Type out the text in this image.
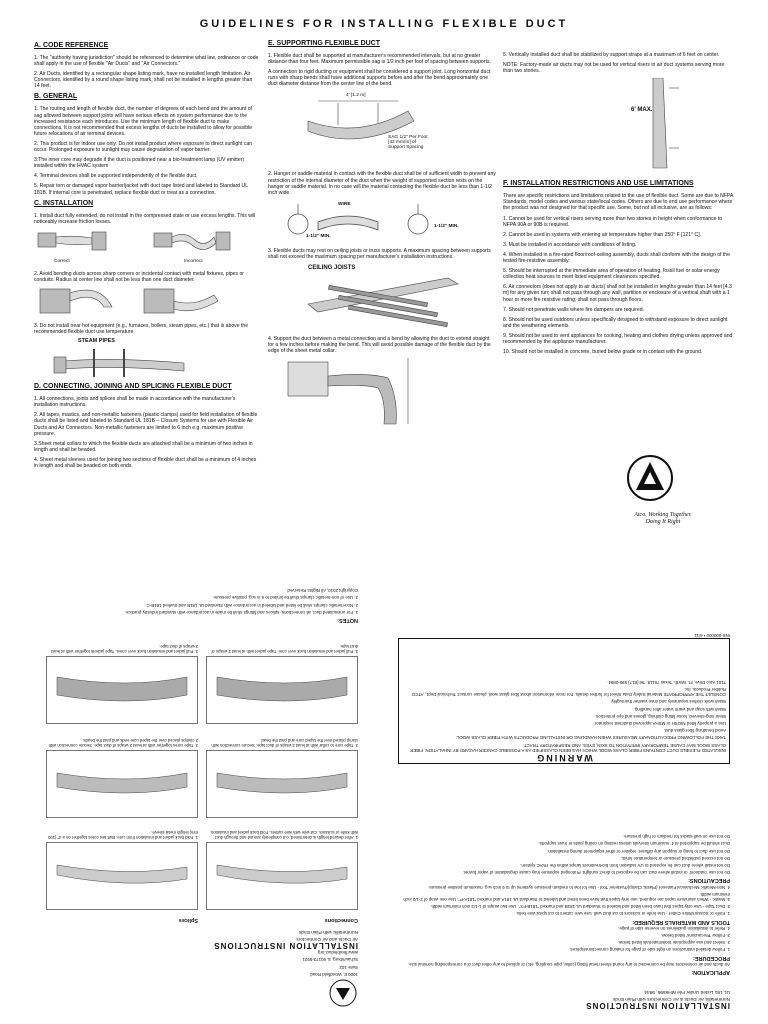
GUIDELINES FOR INSTALLING FLEXIBLE DUCT
A. CODE REFERENCE

1. The "authority having jurisdiction" should be referenced to determine what law, ordinance or code shall apply in the use of flexible "Air Ducts" and "Air Connectors."

2. Air Ducts, identified by a rectangular shape listing mark, have no installed length limitation. Air Connectors, identified by a round shape listing mark, shall not be installed in lengths greater than 14 feet.

B. GENERAL

1. The routing and length of flexible duct, the number of degrees of each bend and the amount of sag allowed between support joints will have serious effects on system performance due to the increased resistance each introduces. Use the minimum length of flexible duct to make connections. It is not recommended that excess lengths of ducts be installed to allow for possible future relocations of air terminal devices.

2. This product is for indoor use only. Do not install product where exposure to direct sunlight can occur. Prolonged exposure to sunlight may cause degradation of vapor barrier.

3.The inner core may degrade if the duct is positioned near a bio-treatment lamp (UV emitter) installed within the HVAC system

4. Terminal devices shall be supported independently of the flexible duct.

5. Repair torn or damaged vapor barrier/jacket with duct tape listed and labeled to Standard UL 181B. If internal core is penetrated, replace flexible duct or treat as a connection.

C. INSTALLATION

1. Install duct fully extended, do not install in the compressed state or use excess lengths. This will noticeably increase friction losses.

Correct	Incorrect

2. Avoid bending ducts across sharp corners or incidental contact with metal fixtures, pipes or conduits. Radius at center line shall not be less than one duct diameter.

3. Do not install near hot equipment (e.g., furnaces, boilers, steam pipes, etc.) that is above the recommended flexible duct use temperature.

STEAM PIPES
D. CONNECTING, JOINING AND SPLICING FLEXIBLE DUCT

1. All connections, joints and splices shall be made in accordance with the manufacturer's installation instructions.

2. All tapes, mastics, and non-metallic fasteners (plastic clamps) used for field installation of flexible ducts shall be listed and labeled to Standard UL 181B – Closure Systems for use with Flexible Air Ducts and Air Connectors. Non-metallic fasteners are limited to 6 inch e.g. maximum positive pressure.

3.Sheet metal collars to which the flexible ducts are attached shall be a minimum of two inches in length and shall be beaded.

4. Sheet metal sleeves used for joining two sections of flexible duct shall be a minimum of 4 inches in length and shall be beaded on both ends.

E. SUPPORTING FLEXIBLE DUCT

1. Flexible duct shall be supported at manufacturer's recommended intervals, but at no greater distance than four feet. Maximum permissible sag is 1/2 inch per foot of spacing between supports.

A connection to rigid ducting or equipment shall be considered a support joint. Long horizontal duct runs with sharp bends shall have additional supports before and after the bend approximately one duct diameter distance from the center line of the bend.

4' [1.2 m]
SAG 1/2" Per Foot [42 mm/m] of Support Spacing

2. Hanger or saddle material in contact with the flexible duct shall be of sufficient width to prevent any restriction of the internal diameter of the duct when the weight of supported section rests on the hanger or saddle material. In no case will the material contacting the flexible duct be less than 1-1/2 inch wide.

WIRE
1-1/2" MIN.
1-1/2" MIN.

3. Flexible ducts may rest on ceiling joists or truss supports. A maximum spacing between supports shall not exceed the maximum spacing per manufacturer's installation instructions.

CEILING JOISTS

4. Support the duct between a metal connection and a bend by allowing the duct to extend straight for a few inches before making the bend. This will avoid possible damage of the flexible duct by the edge of the sheet metal collar.

5. Vertically installed duct shall be stabilized by support straps at a maximum of 6 feet on center.

NOTE: Factory-made air ducts may not be used for vertical risers in air duct systems serving more than two stories.

6' MAX.
F. INSTALLATION RESTRICTIONS AND USE LIMITATIONS

There are specific restrictions and limitations related to the use of flexible duct. Some are due to NFPA Standards, model codes and various state/local codes. Others are due to end use performance where the product was not designed for that specific use. Some, but not all inclusive, are as follows:

1. Cannot be used for vertical risers serving more than two stories in height when conformance to NFPA 90A or 90B is required.

2. Cannot be used in systems with entering air temperature higher than 250° F [121° C].

3. Must be installed in accordance with conditions of listing.

4. When installed in a fire-rated floor/roof-ceiling assembly, ducts shall conform with the design of the tested fire-resistive assembly.

5. Should be interrupted at the immediate area of operation of heating, fossil fuel or solar energy collection heat sources to meet listed equipment clearances specified.

6. Air connectors (does not apply to air ducts) shall not be installed in lengths greater than 14 feet [4.3 m] for any given run; shall not pass through any wall, partition or enclosure of a vertical shaft with a 1 hour or more fire resistive rating; shall not pass through floors.

7. Should not penetrate walls where fire dampers are required.

8. Should not be used outdoors unless specifically designed to withstand exposure to direct sunlight and the weathering elements.

9. Should not be used to vent appliances for cooking, heating and clothes drying unless approved and recommended by the appliance manufacturer.

10. Should not be installed in concrete, buried below grade or in contact with the ground.

Atco. Working Together.
Doing It Right

INSTALLATION INSTRUCTIONS

Nonmetallic Air Ducts & Air Connectors with Plain Ends

UL 181 Listed Under File MH6596, 9844

APPLICATION:

Air ducts and air connectors may be connected to any round sheet metal fitting (collar, pipe coupling, etc) or spliced to any other duct of a corresponding nominal size.

PROCEDURE:

1. Follow detailed instructions on right side of page for making connections/splices.

2. Select and use appropriate tools/materials listed below.

3. Follow 'Precautions' listed below.

4. Refer to installation guidelines on reverse side of page.

TOOLS AND MATERIALS REQUIRED:

1. Knife or Scissors/Wire Cutter - Use knife or scissors to cut duct wall. Use wire cutters to cut spiral wire helix.

2. Duct Tape - Use only tapes that have been listed and labeled to Standard UL 181B and marked "181B-FX". Use two wraps of 1-1/2 inch minimum width.

3. Mastic - When aluminum tapes are required, use only tapes that have been listed and labeled to Standard UL 181A and marked "181A-P". Use one wrap of 2-1/2 inch minimum width.

4. Non-Metallic Mechanical Fastener (Plastic Clamp)/Fastener Tool - Use for low to medium pressure systems up to 6 inch w.g. maximum positive pressure.

PRECAUTIONS:

Do not use 'outdoors' or install where duct can be exposed to direct sunlight. Prolonged exposure may cause degradation of vapor barrier.

Do not install where duct can be exposed to UV radiation from bio-treatment lamps within the HVAC system.

Do not exceed published pressure or temperature limits.

Do not use duct to hang or support any diffuser, register or other equipment during installation.

Duct should be supported at 4' maximum intervals unless resting on ceiling joists or truss supports.

Do not use on wall stacks for medium or high pressure.

WARNING

INSULATED FLEXIBLE DUCT CONTAINS FIBER GLASS WOOL WHICH HAS BEEN CLASSIFIED AS A POSSIBLE CANCER HAZARD BY INHALATION. FIBER GLASS WOOL MAY CAUSE TEMPORARY IRRITATION TO SKIN, EYES, AND RESPIRATORY TRACT.

TAKE THE FOLLOWING PRECAUTIONARY MEASURES WHEN HANDLING OR INSTALLING PRODUCTS WITH FIBER GLASS WOOL:

Avoid breathing fiber glass dust.

Use a properly fitted NIOSH or MSHA approved dust/mist respirator.

Wear long-sleeved, loose fitting clothing, gloves and eye protection.

Wash with soap and warm water after handling.

Wash work clothes separately and rinse washer thoroughly.

CONSULT THE APPROPRIATE Material Safety Data Sheet for further details. For more information about fiber glass wool, please contact: Technical Dept., ATCO Rubber Products, Inc.

7101 Atco Drive, Ft. Worth, Texas 76118, Tel:(817) 595-2894.

INS-000000 • 6/11

1000 E. Woodfield Road

Suite 102

Schaumburg, IL 60173-5921

www.flexibleduct.org

INSTALLATION INSTRUCTIONS

Air Ducts and Air Connectors

Nonmetallic with Plain Ends

Connections
Splices
1. After desired length is determined, cut completely around and through duct with knife or scissors. Cut wire with wire cutters. Fold back jacket and insulation.
1. Fold back jacket and insulation from core. Butt two cores together on a 4" (100 mm) length metal sleeve.
2. Tape core to collar with at least 2 wraps of duct tape. Secure connection with clamp placed over the taped core and past the bead.
2. Tape cores together with at least 2 wraps of duct tape. Secure connection with 2 clamps placed over the taped core ends and past the beads.
3. Pull jacket and insulation back over core. Tape jacket with at least 2 wraps of duct tape.
3. Pull jacket and insulation back over cores. Tape jackets together with at least 2 wraps of duct tape.
NOTES:

1. For uninsulated duct, all connections, splices and fittings shall be made in accordance with standard industry practice.

2. Non-metallic clamps shall be listed and labeled in accordance with Standard UL 181B and marked 181B-C.

3. Use of non-metallic clamps shall be limited to 6 in w.g. positive pressure.

Copyright 2010, All Rights Reserved
